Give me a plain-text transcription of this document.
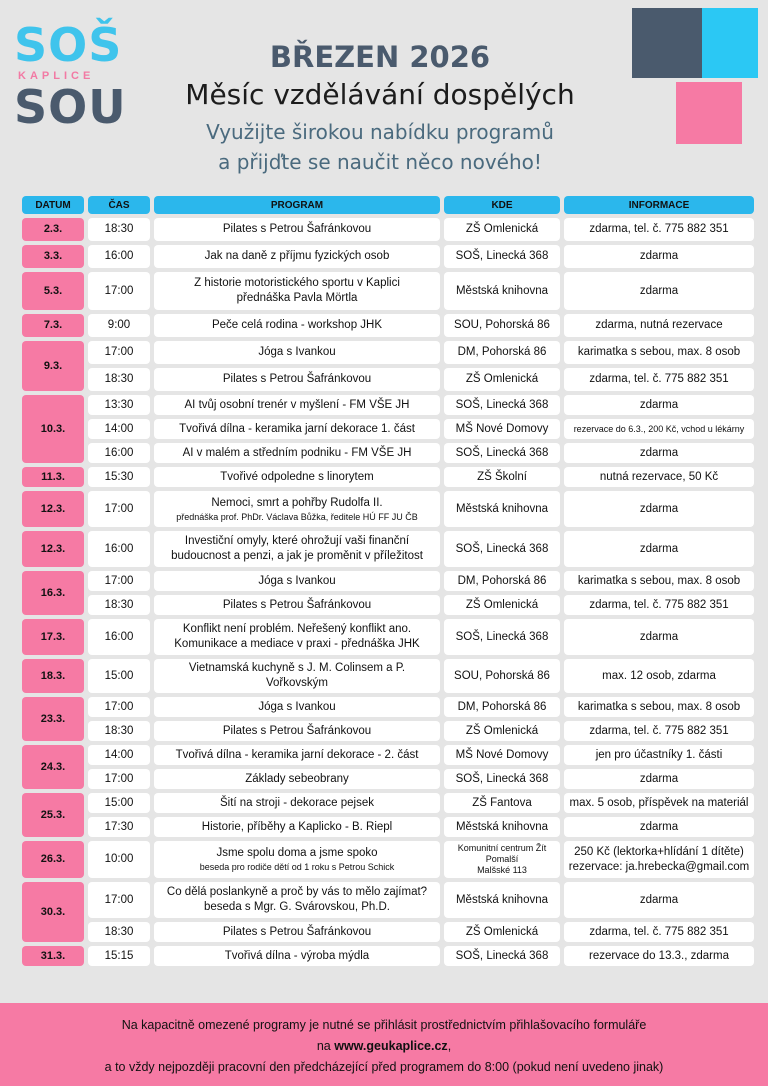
SOŠ
KAPLICE
SOU
BŘEZEN 2026
Měsíc vzdělávání dospělých
Využijte širokou nabídku programů
a přijďte se naučit něco nového!
DATUM	ČAS	PROGRAM	KDE	INFORMACE
2.3.	18:30	Pilates s Petrou Šafránkovou	ZŠ Omlenická	zdarma, tel. č. 775 882 351
3.3.	16:00	Jak na daně z příjmu fyzických osob	SOŠ, Linecká 368	zdarma
5.3.	17:00	Z historie motoristického sportu v Kaplici
přednáška Pavla Mörtla	Městská knihovna	zdarma
7.3.	9:00	Peče celá rodina - workshop JHK	SOU, Pohorská 86	zdarma, nutná rezervace
9.3.	17:00	Jóga s Ivankou	DM, Pohorská 86	karimatka s sebou, max. 8 osob
	18:30	Pilates s Petrou Šafránkovou	ZŠ Omlenická	zdarma, tel. č. 775 882 351
10.3.	13:30	AI tvůj osobní trenér v myšlení - FM VŠE JH	SOŠ, Linecká 368	zdarma
	14:00	Tvořivá dílna - keramika jarní dekorace 1. část	MŠ Nové Domovy	rezervace do 6.3., 200 Kč, vchod u lékárny
	16:00	AI v malém a středním podniku - FM VŠE JH	SOŠ, Linecká 368	zdarma
11.3.	15:30	Tvořivé odpoledne s linorytem	ZŠ Školní	nutná rezervace, 50 Kč
12.3.	17:00	Nemoci, smrt a pohřby Rudolfa II.
přednáška prof. PhDr. Václava Bůžka, ředitele HÚ FF JU ČB	Městská knihovna	zdarma
12.3.	16:00	Investiční omyly, které ohrožují vaši finanční
budoucnost a penzi, a jak je proměnit v příležitost	SOŠ, Linecká 368	zdarma
16.3.	17:00	Jóga s Ivankou	DM, Pohorská 86	karimatka s sebou, max. 8 osob
	18:30	Pilates s Petrou Šafránkovou	ZŠ Omlenická	zdarma, tel. č. 775 882 351
17.3.	16:00	Konflikt není problém. Neřešený konflikt ano.
Komunikace a mediace v praxi - přednáška JHK	SOŠ, Linecká 368	zdarma
18.3.	15:00	Vietnamská kuchyně s J. M. Colinsem a P. Vořkovským	SOU, Pohorská 86	max. 12 osob, zdarma
23.3.	17:00	Jóga s Ivankou	DM, Pohorská 86	karimatka s sebou, max. 8 osob
	18:30	Pilates s Petrou Šafránkovou	ZŠ Omlenická	zdarma, tel. č. 775 882 351
24.3.	14:00	Tvořivá dílna - keramika jarní dekorace - 2. část	MŠ Nové Domovy	jen pro účastníky 1. části
	17:00	Základy sebeobrany	SOŠ, Linecká 368	zdarma
25.3.	15:00	Šití na stroji - dekorace pejsek	ZŠ Fantova	max. 5 osob, příspěvek na materiál
	17:30	Historie, příběhy a Kaplicko - B. Riepl	Městská knihovna	zdarma
26.3.	10:00	Jsme spolu doma a jsme spoko
beseda pro rodiče dětí od 1 roku s Petrou Schick	Komunitní centrum Žít Pomalší
Malšské 113	250 Kč (lektorka+hlídání 1 dítěte)
rezervace: ja.hrebecka@gmail.com
30.3.	17:00	Co dělá poslankyně a proč by vás to mělo zajímat?
beseda s Mgr. G. Svárovskou, Ph.D.	Městská knihovna	zdarma
	18:30	Pilates s Petrou Šafránkovou	ZŠ Omlenická	zdarma, tel. č. 775 882 351
31.3.	15:15	Tvořivá dílna - výroba mýdla	SOŠ, Linecká 368	rezervace do 13.3., zdarma
Na kapacitně omezené programy je nutné se přihlásit prostřednictvím přihlašovacího formuláře
na www.geukaplice.cz,
a to vždy nejpozději pracovní den předcházející před programem do 8:00 (pokud není uvedeno jinak)
